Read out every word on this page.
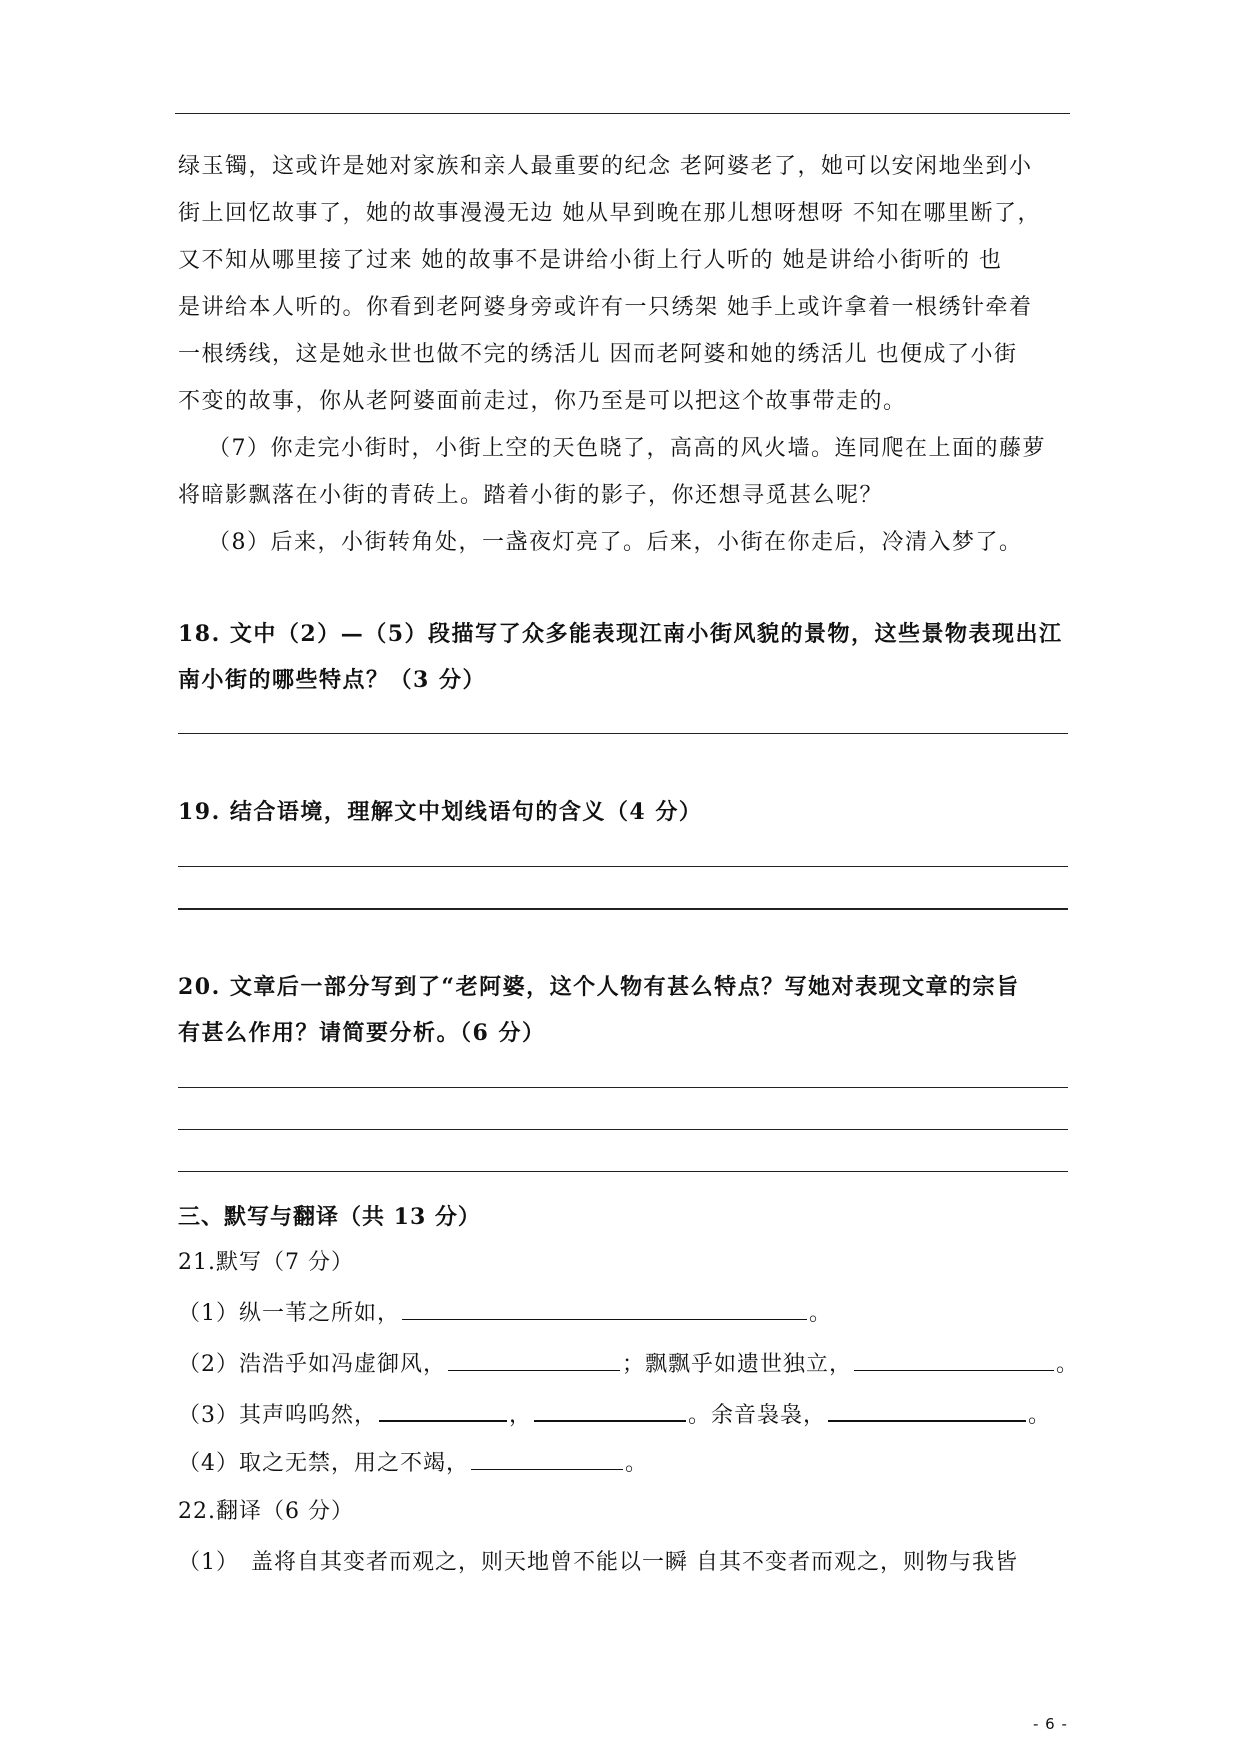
绿玉镯，这或许是她对家族和亲人最重要的纪念 老阿婆老了，她可以安闲地坐到小
街上回忆故事了，她的故事漫漫无边 她从早到晚在那儿想呀想呀 不知在哪里断了，
又不知从哪里接了过来 她的故事不是讲给小街上行人听的 她是讲给小街听的 也
是讲给本人听的。你看到老阿婆身旁或许有一只绣架 她手上或许拿着一根绣针牵着
一根绣线，这是她永世也做不完的绣活儿 因而老阿婆和她的绣活儿 也便成了小街
不变的故事，你从老阿婆面前走过，你乃至是可以把这个故事带走的。
（7）你走完小街时，小街上空的天色晓了，高高的风火墙。连同爬在上面的藤萝
将暗影飘落在小街的青砖上。踏着小街的影子，你还想寻觅甚么呢？
（8）后来，小街转角处，一盏夜灯亮了。后来，小街在你走后，冷清入梦了。
18. 文中（2）—（5）段描写了众多能表现江南小街风貌的景物，这些景物表现出江
南小街的哪些特点？（3 分）
19. 结合语境，理解文中划线语句的含义（4 分）
20. 文章后一部分写到了“老阿婆，这个人物有甚么特点？写她对表现文章的宗旨
有甚么作用？请简要分析。（6 分）
三、默写与翻译（共 13 分）
21.默写（7 分）
（1）纵一苇之所如，	。
（2）浩浩乎如冯虚御风，	；飘飘乎如遗世独立，	。
（3）其声呜呜然，	，	。余音袅袅，	。
（4）取之无禁，用之不竭，	。
22.翻译（6 分）
（1）　盖将自其变者而观之，则天地曾不能以一瞬 自其不变者而观之，则物与我皆
- 6 -
